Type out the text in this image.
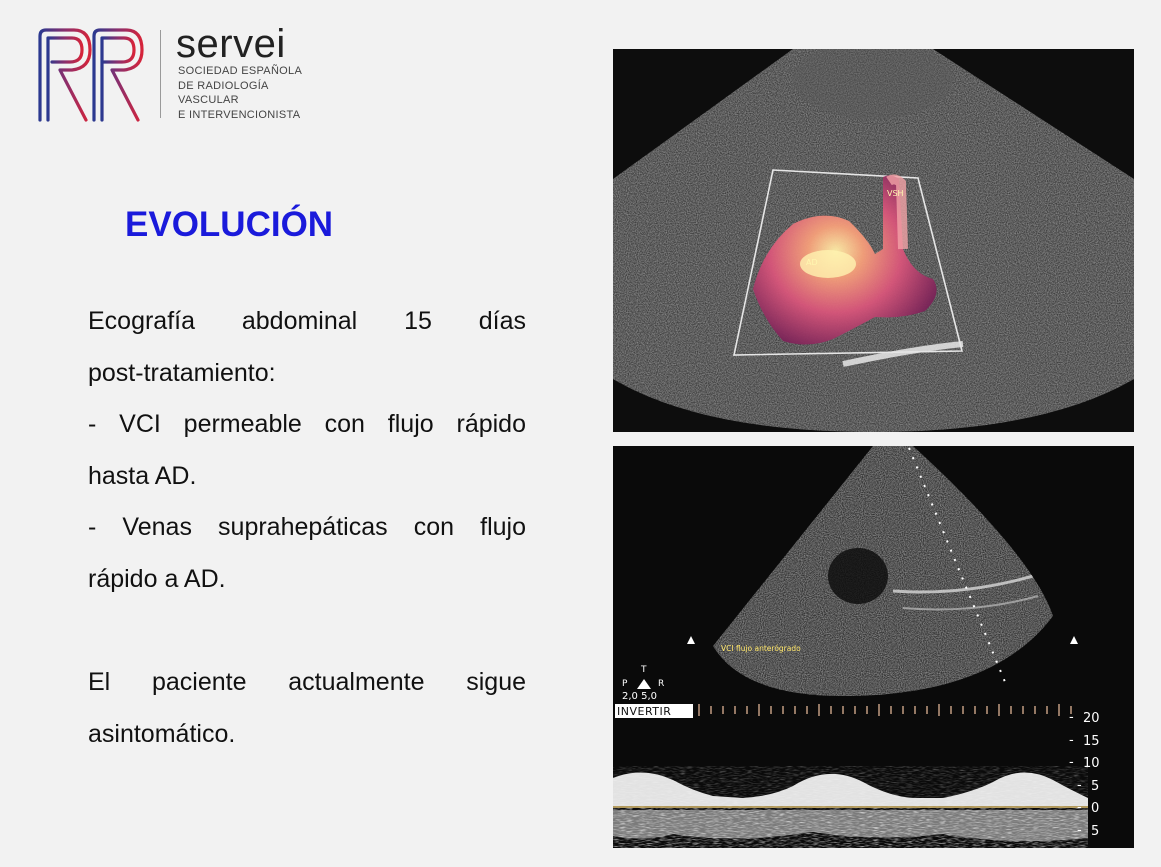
servei
SOCIEDAD ESPAÑOLA
DE RADIOLOGÍA
VASCULAR
E INTERVENCIONISTA
EVOLUCIÓN

Ecografía abdominal 15 días

post-tratamiento:

- VCI permeable con flujo rápido

hasta AD.

- Venas suprahepáticas con flujo

rápido a AD.

El paciente actualmente sigue

asintomático.

AD
VSH
VCI flujo anterógrado
T
P	R
2,0 5,0
INVERTIR	20
15
10
5
0
5
-
-
-
-
-
-
